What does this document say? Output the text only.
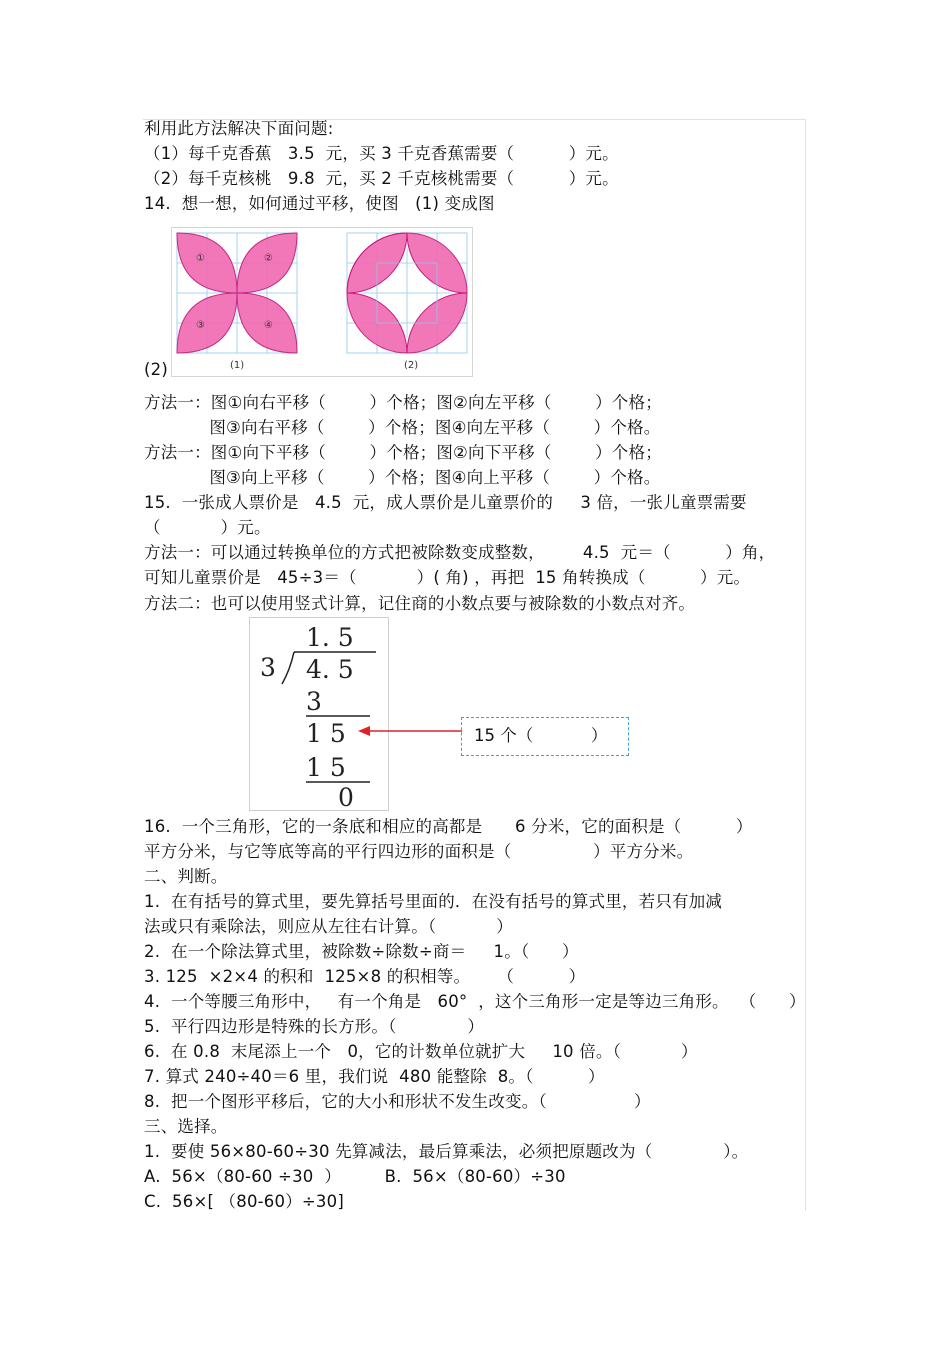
利用此方法解决下面问题:
（1）每千克香蕉   3.5  元，买 3 千克香蕉需要（          ）元。
（2）每千克核桃   9.8  元，买 2 千克核桃需要（          ）元。
14.  想一想，如何通过平移，使图   (1) 变成图
①	②
③	④
(1)	(2)
(2)
方法一：图①向右平移（        ）个格；图②向左平移（        ）个格；
图③向右平移（        ）个格；图④向左平移（        ）个格。
方法一：图①向下平移（        ）个格；图②向下平移（        ）个格；
图③向上平移（        ）个格；图④向上平移（        ）个格。
15.  一张成人票价是   4.5  元，成人票价是儿童票价的     3 倍，一张儿童票需要
（           ）元。
方法一：可以通过转换单位的方式把被除数变成整数，       4.5  元＝（          ）角，
可知儿童票价是   45÷3＝（           ）( 角) ，再把  15 角转换成（          ）元。
方法二：也可以使用竖式计算，记住商的小数点要与被除数的小数点对齐。
1. 5
3 4. 5
3
1 5
1 5
0
15 个（           ）
16.  一个三角形，它的一条底和相应的高都是      6 分米，它的面积是（          ）
平方分米，与它等底等高的平行四边形的面积是（               ）平方分米。
二、判断。
1.  在有括号的算式里，要先算括号里面的．在没有括号的算式里，若只有加减
法或只有乘除法，则应从左往右计算。（           ）
2.  在一个除法算式里，被除数÷除数÷商＝     1。（      ）
3. 125  ×2×4 的积和  125×8 的积相等。     （          ）
4.  一个等腰三角形中，   有一个角是   60°  ，这个三角形一定是等边三角形。  （      ）
5.  平行四边形是特殊的长方形。（             ）
6.  在 0.8  末尾添上一个   0，它的计数单位就扩大     10 倍。（           ）
7. 算式 240÷40＝6 里，我们说  480 能整除  8。（          ）
8.  把一个图形平移后，它的大小和形状不发生改变。（                ）
三、选择。
1.  要使 56×80-60÷30 先算减法，最后算乘法，必须把原题改为（             ）。
A.  56×（80-60 ÷30  ）        B.  56×（80-60）÷30
C.  56×[ （80-60）÷30]
